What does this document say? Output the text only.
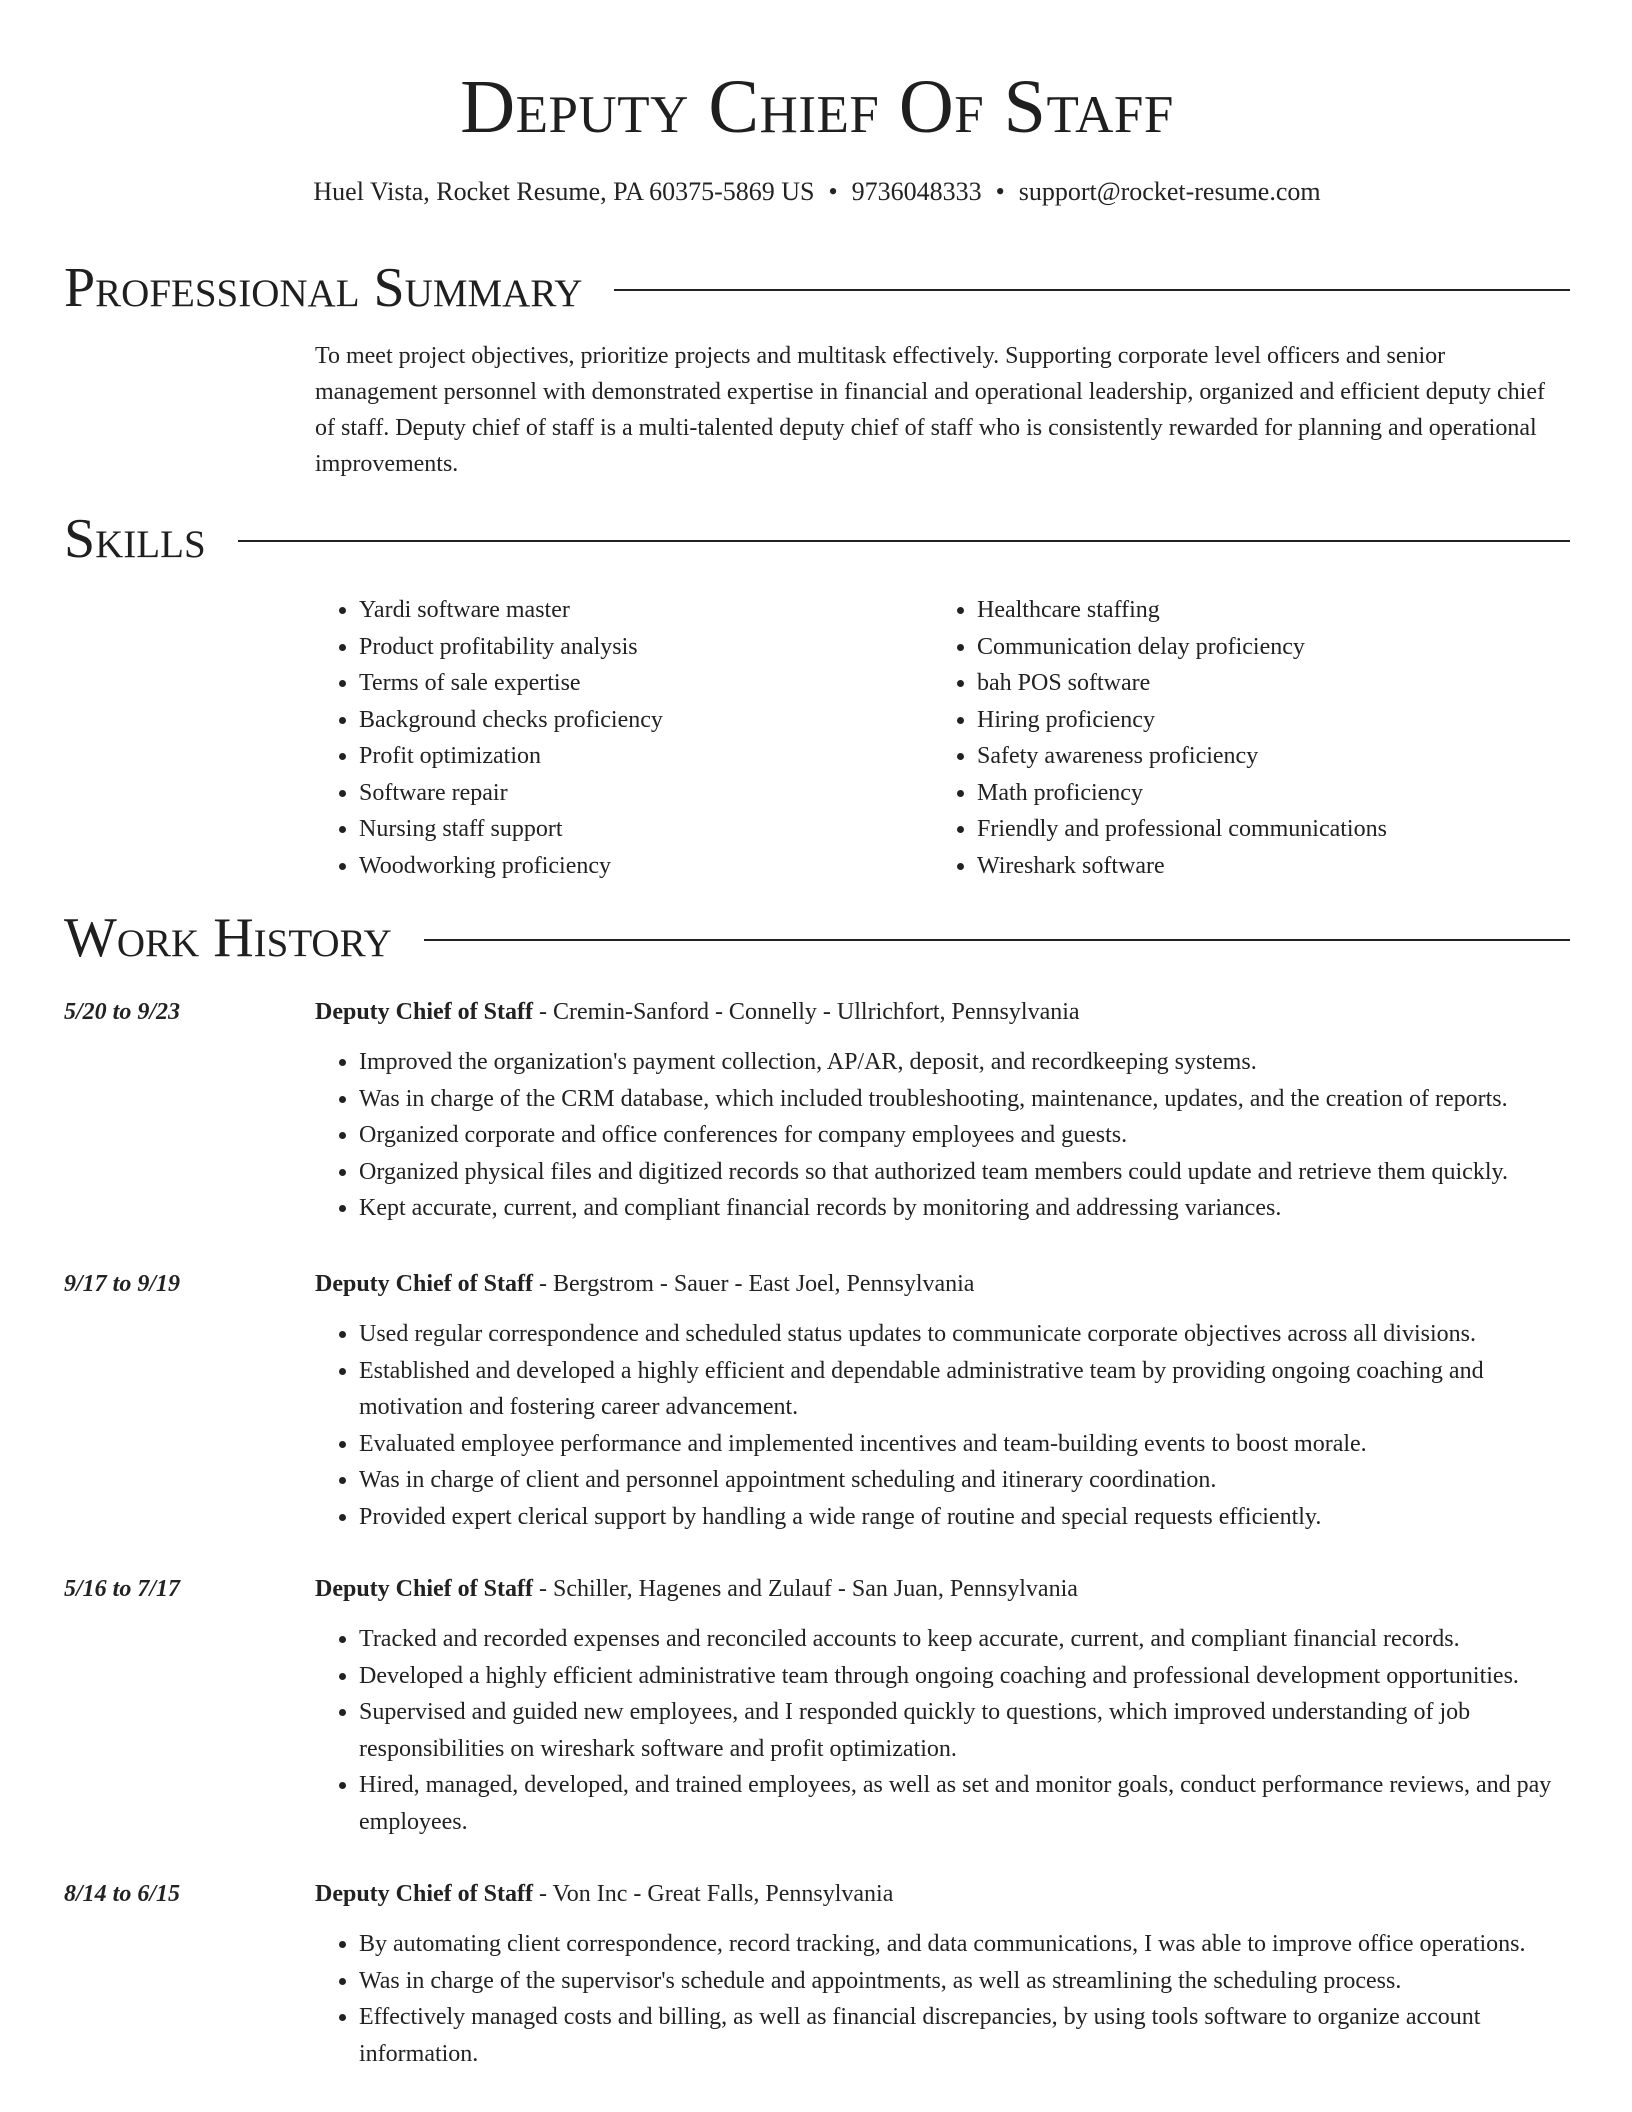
Deputy Chief Of Staff
Huel Vista, Rocket Resume, PA 60375-5869 US • 9736048333 • support@rocket-resume.com
Professional Summary

To meet project objectives, prioritize projects and multitask effectively. Supporting corporate level officers and senior management personnel with demonstrated expertise in financial and operational leadership, organized and efficient deputy chief of staff. Deputy chief of staff is a multi-talented deputy chief of staff who is consistently rewarded for planning and operational improvements.

Skills
• Yardi software master
• Product profitability analysis
• Terms of sale expertise
• Background checks proficiency
• Profit optimization
• Software repair
• Nursing staff support
• Woodworking proficiency
• Healthcare staffing
• Communication delay proficiency
• bah POS software
• Hiring proficiency
• Safety awareness proficiency
• Math proficiency
• Friendly and professional communications
• Wireshark software
Work History
5/20 to 9/23	Deputy Chief of Staff - Cremin-Sanford - Connelly - Ullrichfort, Pennsylvania
• Improved the organization's payment collection, AP/AR, deposit, and recordkeeping systems.
• Was in charge of the CRM database, which included troubleshooting, maintenance, updates, and the creation of reports.
• Organized corporate and office conferences for company employees and guests.
• Organized physical files and digitized records so that authorized team members could update and retrieve them quickly.
• Kept accurate, current, and compliant financial records by monitoring and addressing variances.
9/17 to 9/19	Deputy Chief of Staff - Bergstrom - Sauer - East Joel, Pennsylvania
• Used regular correspondence and scheduled status updates to communicate corporate objectives across all divisions.
• Established and developed a highly efficient and dependable administrative team by providing ongoing coaching and motivation and fostering career advancement.
• Evaluated employee performance and implemented incentives and team-building events to boost morale.
• Was in charge of client and personnel appointment scheduling and itinerary coordination.
• Provided expert clerical support by handling a wide range of routine and special requests efficiently.
5/16 to 7/17	Deputy Chief of Staff - Schiller, Hagenes and Zulauf - San Juan, Pennsylvania
• Tracked and recorded expenses and reconciled accounts to keep accurate, current, and compliant financial records.
• Developed a highly efficient administrative team through ongoing coaching and professional development opportunities.
• Supervised and guided new employees, and I responded quickly to questions, which improved understanding of job responsibilities on wireshark software and profit optimization.
• Hired, managed, developed, and trained employees, as well as set and monitor goals, conduct performance reviews, and pay employees.
8/14 to 6/15	Deputy Chief of Staff - Von Inc - Great Falls, Pennsylvania
• By automating client correspondence, record tracking, and data communications, I was able to improve office operations.
• Was in charge of the supervisor's schedule and appointments, as well as streamlining the scheduling process.
• Effectively managed costs and billing, as well as financial discrepancies, by using tools software to organize account information.
